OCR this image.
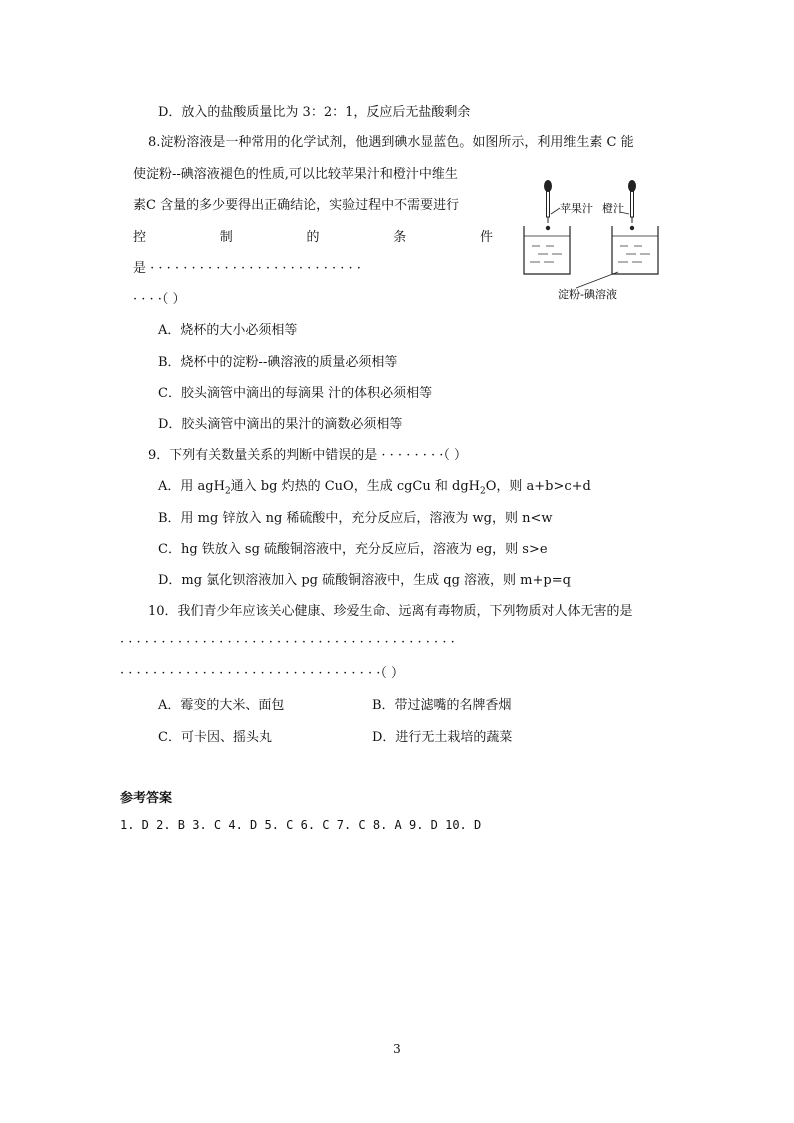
D．放入的盐酸质量比为 3：2：1，反应后无盐酸剩余
8.淀粉溶液是一种常用的化学试剂，他遇到碘水显蓝色。如图所示，利用维生素 C 能
使淀粉--碘溶液褪色的性质,可以比较苹果汁和橙汁中维生
素C 含量的多少要得出正确结论，实验过程中不需要进行
控	制	的	条	件
是 · · · · · · · · · · · · · · · · · · · · · · · · · ·
· · · ·（ ）
A．烧杯的大小必须相等
B．烧杯中的淀粉--碘溶液的质量必须相等
C．胶头滴管中滴出的每滴果 汁的体积必须相等
D．胶头滴管中滴出的果汁的滴数必须相等
苹果汁 橙汁
淀粉-碘溶液
9．下列有关数量关系的判断中错误的是 · · · · · · · ·（ ）
A．用 agH$_2$通入 bg 灼热的 CuO，生成 cgCu 和 dgH$_2$O，则 a+b>c+d
B．用 mg 锌放入 ng 稀硫酸中，充分反应后，溶液为 wg，则 n<w
C．hg 铁放入 sg 硫酸铜溶液中，充分反应后，溶液为 eg，则 s>e
D．mg 氯化钡溶液加入 pg 硫酸铜溶液中，生成 qg 溶液，则 m+p=q
10．我们青少年应该关心健康、珍爱生命、远离有毒物质，下列物质对人体无害的是
· · · · · · · · · · · · · · · · · · · · · · · · · · · · · · · · · · · · · · · · ·
· · · · · · · · · · · · · · · · · · · · · · · · · · · · · · · ·（ ）
A．霉变的大米、面包	B．带过滤嘴的名牌香烟
C．可卡因、摇头丸	D．进行无土栽培的蔬菜
参考答案
1. D 2. B 3. C 4. D 5. C 6. C 7. C 8. A 9. D 10. D
3
